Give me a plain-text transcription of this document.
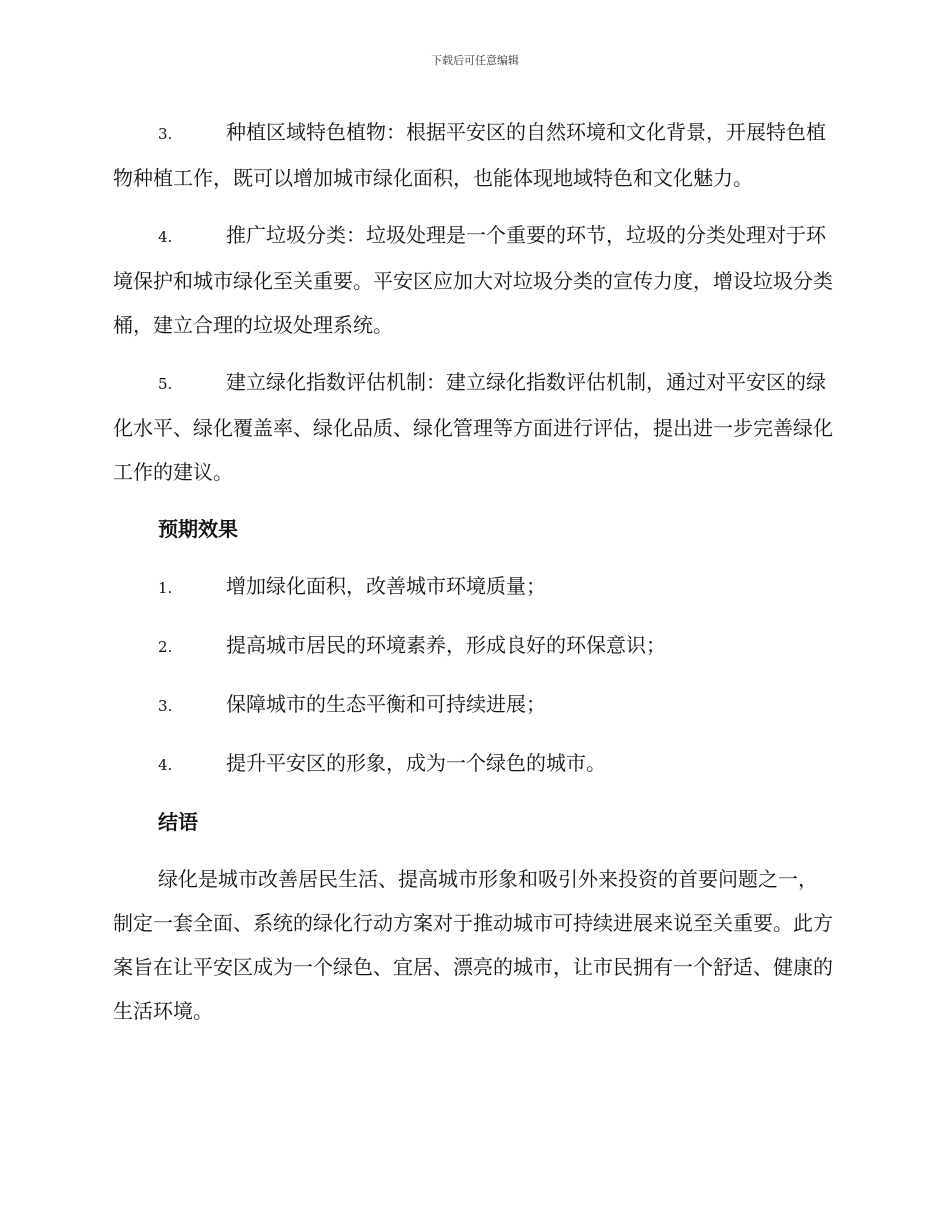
下载后可任意编辑

3.	种植区域特色植物：根据平安区的自然环境和文化背景，开展特色植物种植工作，既可以增加城市绿化面积，也能体现地域特色和文化魅力。

4.	推广垃圾分类：垃圾处理是一个重要的环节，垃圾的分类处理对于环境保护和城市绿化至关重要。平安区应加大对垃圾分类的宣传力度，增设垃圾分类桶，建立合理的垃圾处理系统。

5.	建立绿化指数评估机制：建立绿化指数评估机制，通过对平安区的绿化水平、绿化覆盖率、绿化品质、绿化管理等方面进行评估，提出进一步完善绿化工作的建议。

预期效果

1.	增加绿化面积，改善城市环境质量；

2.	提高城市居民的环境素养，形成良好的环保意识；

3.	保障城市的生态平衡和可持续进展；

4.	提升平安区的形象，成为一个绿色的城市。

结语

绿化是城市改善居民生活、提高城市形象和吸引外来投资的首要问题之一，制定一套全面、系统的绿化行动方案对于推动城市可持续进展来说至关重要。此方案旨在让平安区成为一个绿色、宜居、漂亮的城市，让市民拥有一个舒适、健康的生活环境。
